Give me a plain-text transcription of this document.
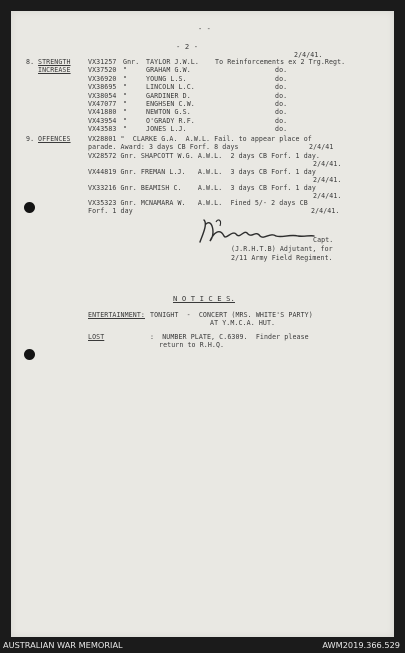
- -
- 2 -
2/4/41.
8. STRENGTH
INCREASE
VX31257 Gnr. TAYLOR J.W.L. To Reinforcements ex 2 Trg.Regt.
VX37520 "	GRAHAM G.W.	do.
VX36920 "	YOUNG L.S.	do.
VX38695 "	LINCOLN L.C.	do.
VX38054 "	GARDINER D.	do.
VX47077 "	ENGHSEN C.W.	do.
VX41880 "	NEWTON G.S.	do.
VX43954 "	O'GRADY R.F.	do.
VX43583 "	JONES L.J.	do.
9. OFFENCES	VX28801 "  CLARKE G.A.  A.W.L. Fail. to appear place of
parade. Award: 3 days CB Forf. 8 days	2/4/41
VX28572 Gnr. SHAPCOTT W.G. A.W.L.  2 days CB Forf. 1 day.
2/4/41.
VX44819 Gnr. FREMAN L.J.   A.W.L.  3 days CB Forf. 1 day
2/4/41.
VX33216 Gnr. BEAMISH C.    A.W.L.  3 days CB Forf. 1 day
2/4/41.
VX35323 Gnr. MCNAMARA W.   A.W.L.  Fined 5/- 2 days CB
Forf. 1 day	2/4/41.
Capt.
(J.R.H.T.B) Adjutant, for
2/11 Army Field Regiment.
N O T I C E S.
ENTERTAINMENT: TONIGHT  -  CONCERT (MRS. WHITE'S PARTY)
AT Y.M.C.A. HUT.
LOST	:  NUMBER PLATE, C.6309.  Finder please
return to R.H.Q.
AUSTRALIAN WAR MEMORIAL	AWM2019.366.529
